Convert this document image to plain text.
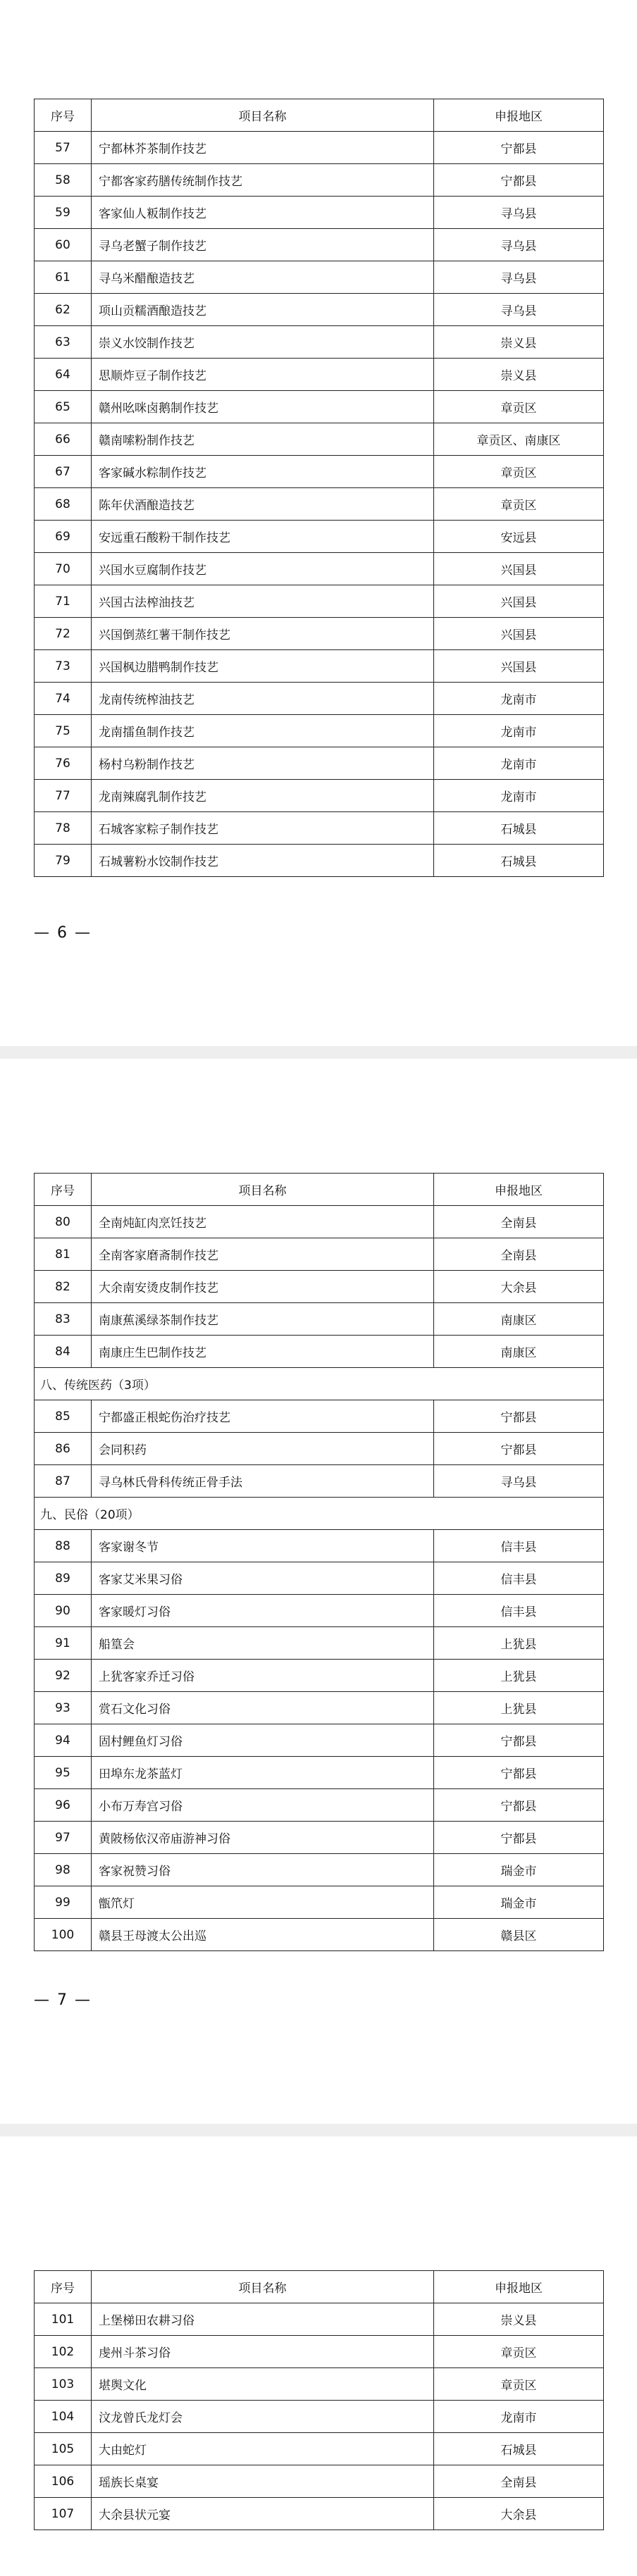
序号	项目名称	申报地区
57	宁都林芥茶制作技艺	宁都县
58	宁都客家药膳传统制作技艺	宁都县
59	客家仙人粄制作技艺	寻乌县
60	寻乌老蟹子制作技艺	寻乌县
61	寻乌米醋酿造技艺	寻乌县
62	项山贡糯酒酿造技艺	寻乌县
63	崇义水饺制作技艺	崇义县
64	思顺炸豆子制作技艺	崇义县
65	赣州吆咪卤鹅制作技艺	章贡区
66	赣南嗦粉制作技艺	章贡区、南康区
67	客家碱水粽制作技艺	章贡区
68	陈年伏酒酿造技艺	章贡区
69	安远重石酸粉干制作技艺	安远县
70	兴国水豆腐制作技艺	兴国县
71	兴国古法榨油技艺	兴国县
72	兴国倒蒸红薯干制作技艺	兴国县
73	兴国枫边腊鸭制作技艺	兴国县
74	龙南传统榨油技艺	龙南市
75	龙南擂鱼制作技艺	龙南市
76	杨村乌粉制作技艺	龙南市
77	龙南辣腐乳制作技艺	龙南市
78	石城客家粽子制作技艺	石城县
79	石城薯粉水饺制作技艺	石城县
— 6 —
序号	项目名称	申报地区
80	全南炖缸肉烹饪技艺	全南县
81	全南客家磨斋制作技艺	全南县
82	大余南安烫皮制作技艺	大余县
83	南康蕉溪绿茶制作技艺	南康区
84	南康庄生巴制作技艺	南康区
八、传统医药（3项）		
85	宁都盛正根蛇伤治疗技艺	宁都县
86	会同积药	宁都县
87	寻乌林氏骨科传统正骨手法	寻乌县
九、民俗（20项）		
88	客家谢冬节	信丰县
89	客家艾米果习俗	信丰县
90	客家暖灯习俗	信丰县
91	船篁会	上犹县
92	上犹客家乔迁习俗	上犹县
93	赏石文化习俗	上犹县
94	固村鲤鱼灯习俗	宁都县
95	田埠东龙茶蓝灯	宁都县
96	小布万寿宫习俗	宁都县
97	黄陂杨依汉帝庙游神习俗	宁都县
98	客家祝赞习俗	瑞金市
99	甑笊灯	瑞金市
100	赣县王母渡太公出巡	赣县区
— 7 —
序号	项目名称	申报地区
101	上堡梯田农耕习俗	崇义县
102	虔州斗茶习俗	章贡区
103	堪舆文化	章贡区
104	汶龙曾氏龙灯会	龙南市
105	大由蛇灯	石城县
106	瑶族长桌宴	全南县
107	大余县状元宴	大余县
